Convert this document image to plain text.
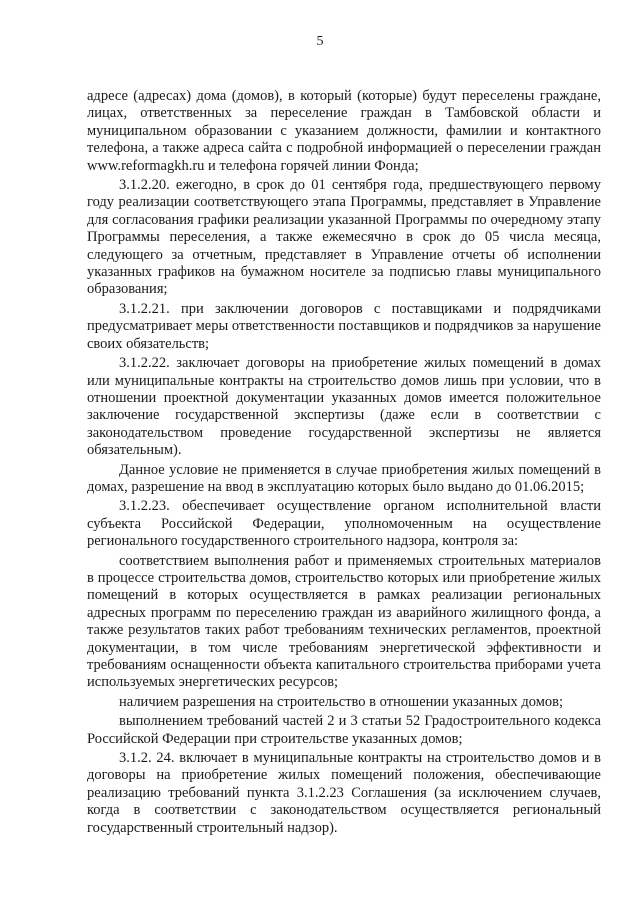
5

адресе (адресах) дома (домов), в который (которые) будут переселены граждане, лицах, ответственных за переселение граждан в Тамбовской области и муниципальном образовании с указанием должности, фамилии и контактного телефона, а также адреса сайта с подробной информацией о переселении граждан www.reformagkh.ru и телефона горячей линии Фонда;

3.1.2.20. ежегодно, в срок до 01 сентября года, предшествующего первому году реализации соответствующего этапа Программы, представляет в Управление для согласования графики реализации указанной Программы по очередному этапу Программы переселения, а также ежемесячно в срок до 05 числа месяца, следующего за отчетным, представляет в Управление отчеты об исполнении указанных графиков на бумажном носителе за подписью главы муниципального образования;

3.1.2.21. при заключении договоров с поставщиками и подрядчиками предусматривает меры ответственности поставщиков и подрядчиков за нарушение своих обязательств;

3.1.2.22. заключает договоры на приобретение жилых помещений в домах или муниципальные контракты на строительство домов лишь при условии, что в отношении проектной документации указанных домов имеется положительное заключение государственной экспертизы (даже если в соответствии с законодательством проведение государственной экспертизы не является обязательным).

Данное условие не применяется в случае приобретения жилых помещений в домах, разрешение на ввод в эксплуатацию которых было выдано до 01.06.2015;

3.1.2.23. обеспечивает осуществление органом исполнительной власти субъекта Российской Федерации, уполномоченным на осуществление регионального государственного строительного надзора, контроля за:

соответствием выполнения работ и применяемых строительных материалов в процессе строительства домов, строительство которых или приобретение жилых помещений в которых осуществляется в рамках реализации региональных адресных программ по переселению граждан из аварийного жилищного фонда, а также результатов таких работ требованиям технических регламентов, проектной документации, в том числе требованиям энергетической эффективности и требованиям оснащенности объекта капитального строительства приборами учета используемых энергетических ресурсов;

наличием разрешения на строительство в отношении указанных домов;

выполнением требований частей 2 и 3 статьи 52 Градостроительного кодекса Российской Федерации при строительстве указанных домов;

3.1.2. 24. включает в муниципальные контракты на строительство домов и в договоры на приобретение жилых помещений положения, обеспечивающие реализацию требований пункта 3.1.2.23 Соглашения (за исключением случаев, когда в соответствии с законодательством осуществляется региональный государственный строительный надзор).
